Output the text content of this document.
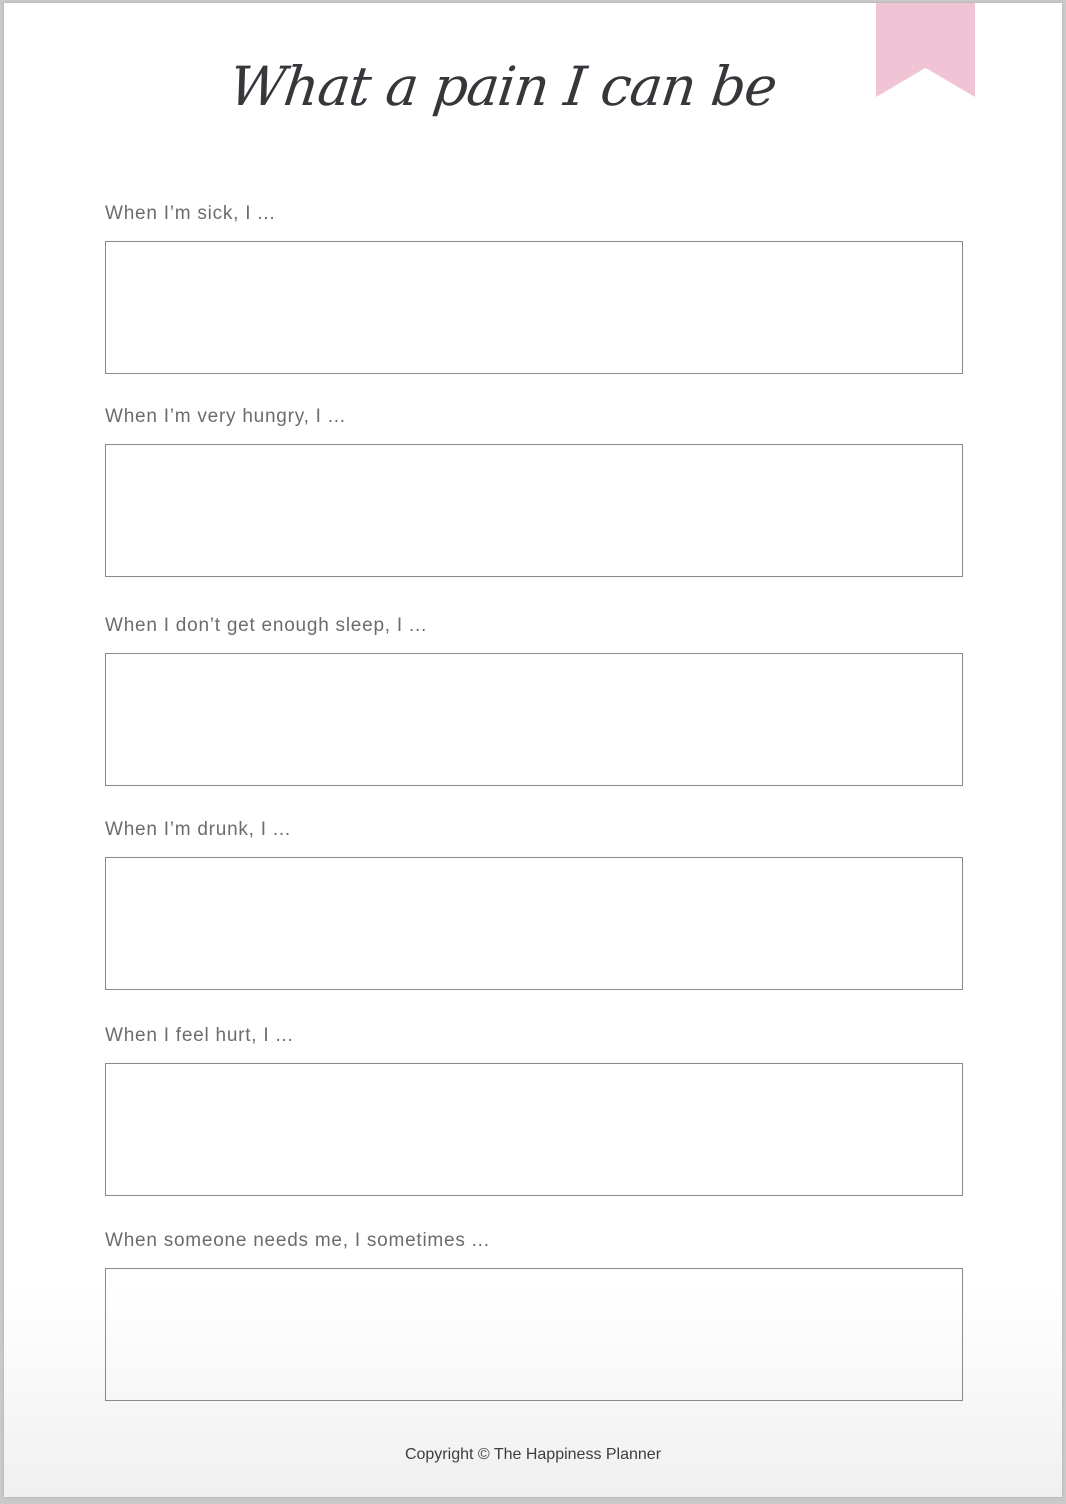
What a pain I can be
When I’m sick, I ...
When I’m very hungry, I ...
When I don’t get enough sleep, I ...
When I’m drunk, I ...
When I feel hurt, I ...
When someone needs me, I sometimes ...
Copyright © The Happiness Planner
